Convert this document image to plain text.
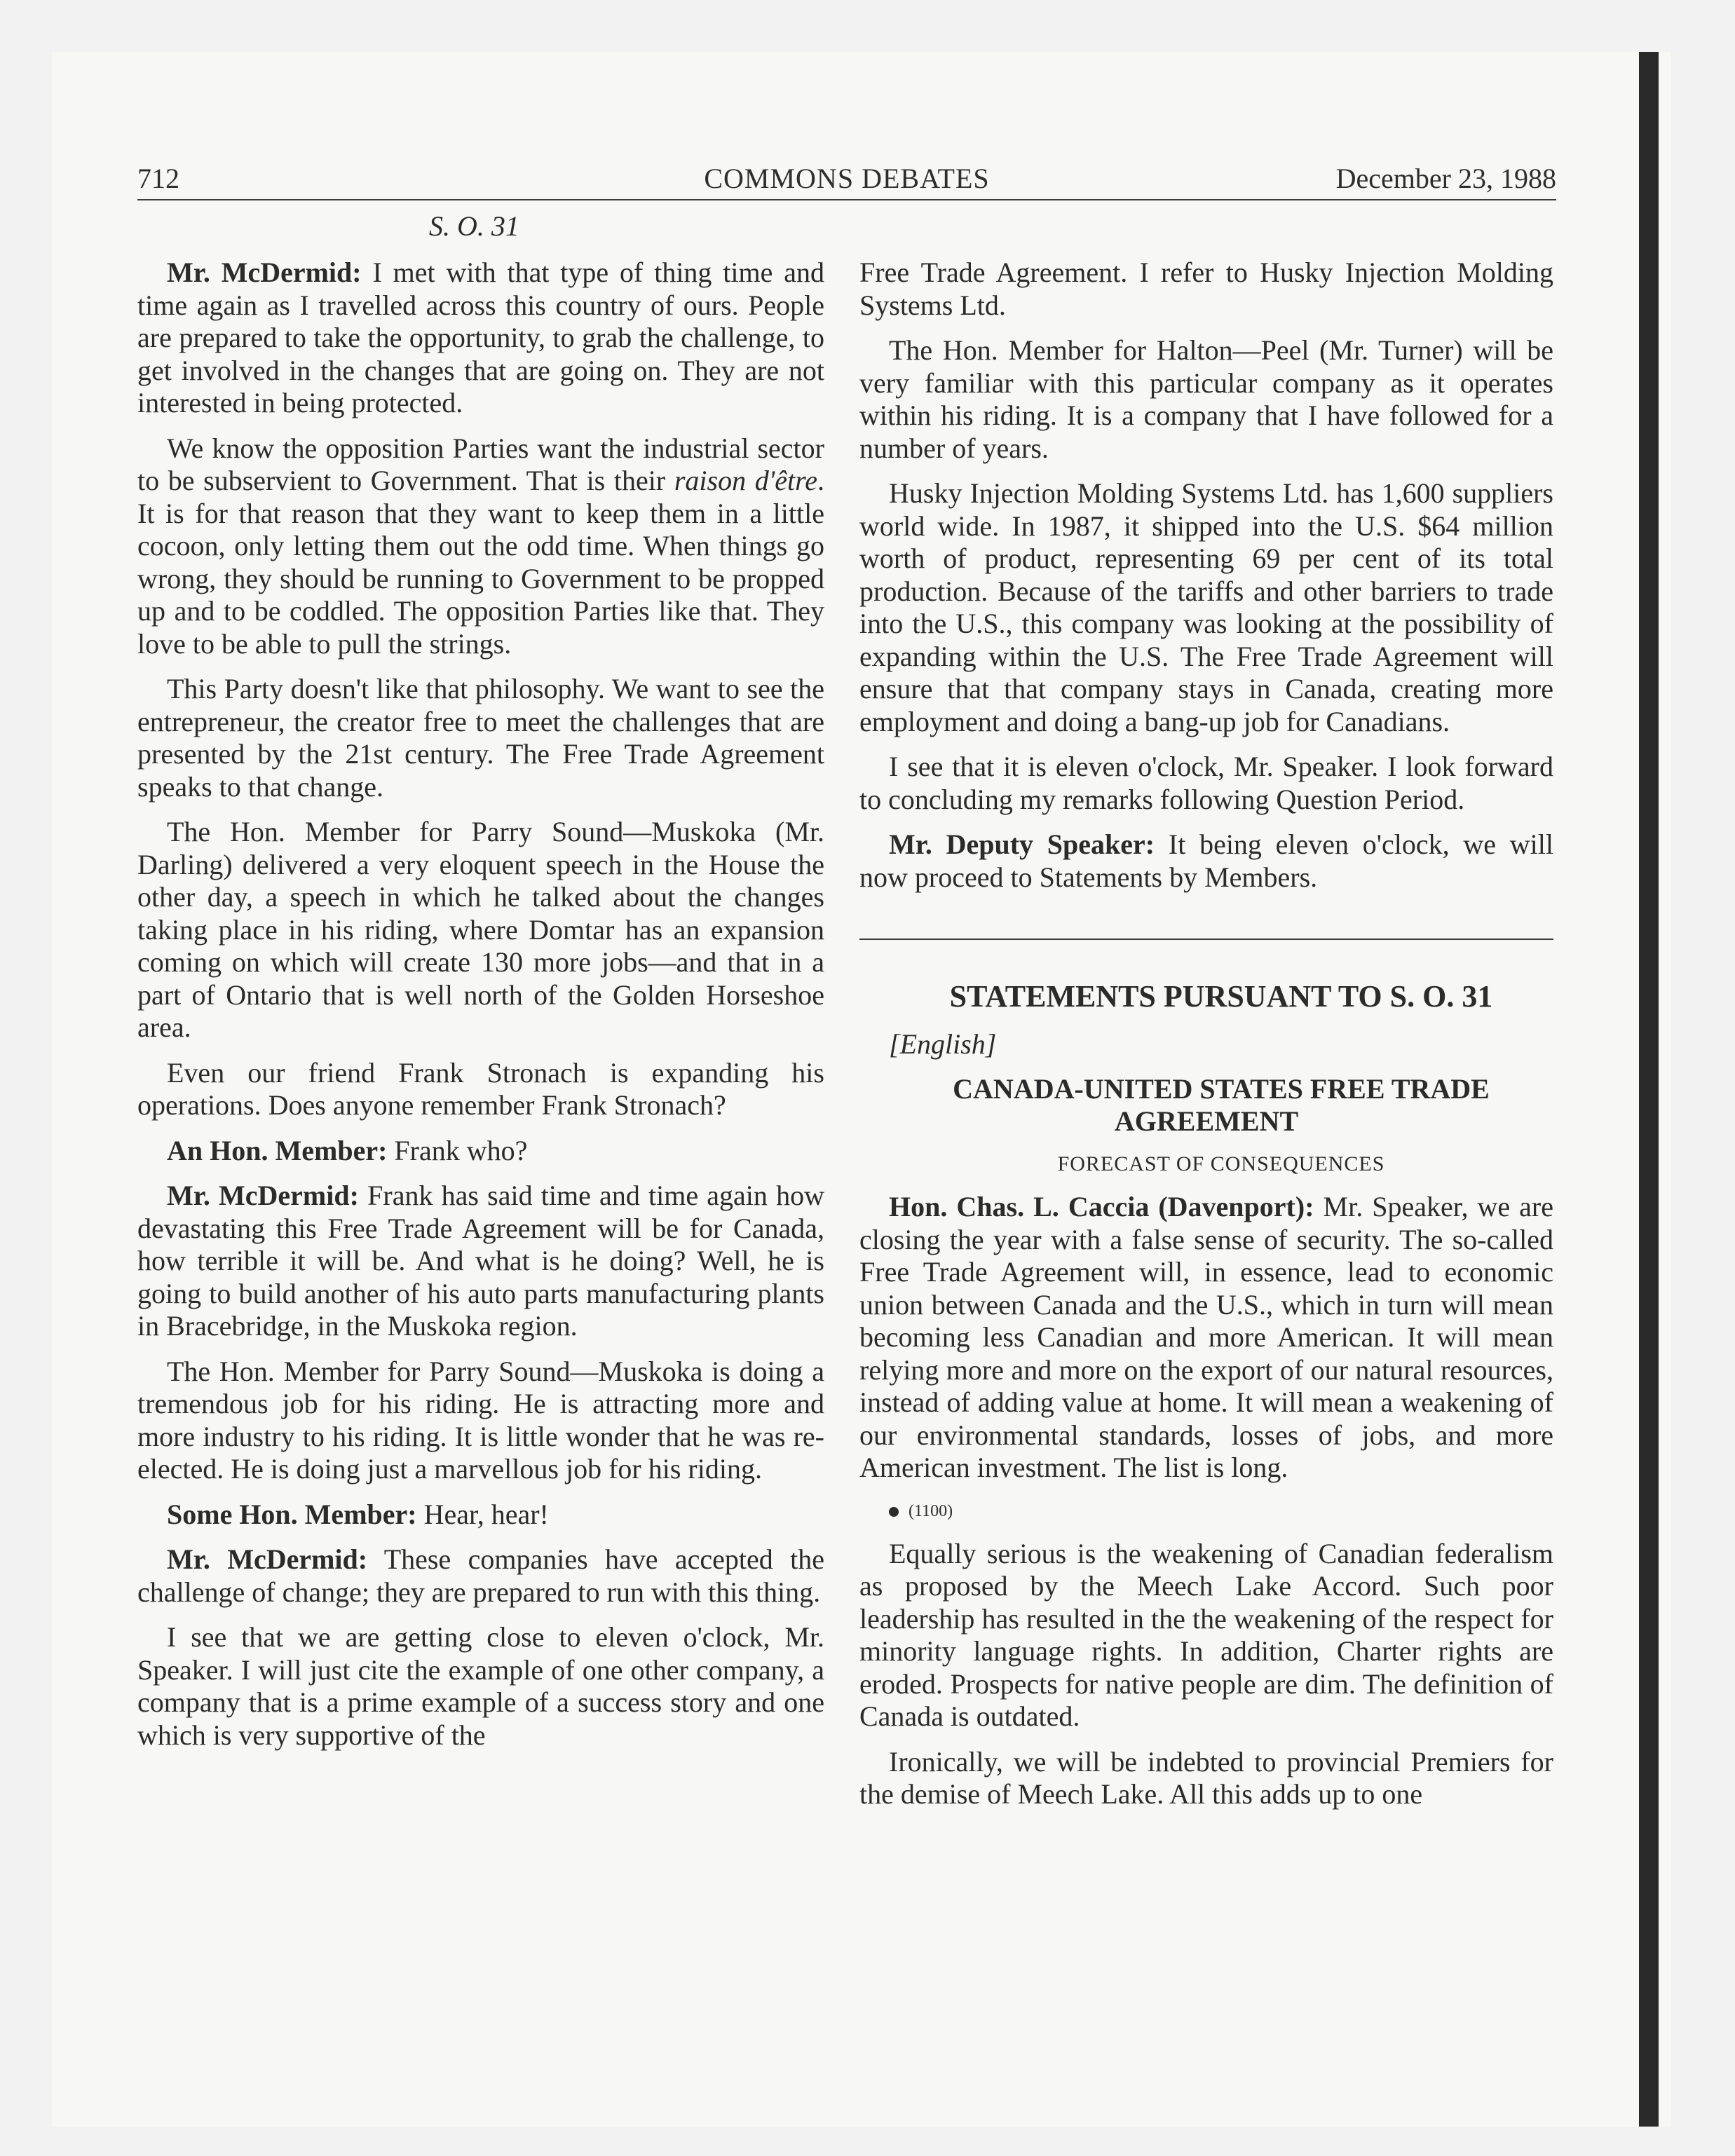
712	COMMONS DEBATES	December 23, 1988
S. O. 31

Mr. McDermid: I met with that type of thing time and time again as I travelled across this country of ours. People are prepared to take the opportunity, to grab the challenge, to get involved in the changes that are going on. They are not interested in being protected.

We know the opposition Parties want the industrial sector to be subservient to Government. That is their raison d'être. It is for that reason that they want to keep them in a little cocoon, only letting them out the odd time. When things go wrong, they should be running to Government to be propped up and to be coddled. The opposition Parties like that. They love to be able to pull the strings.

This Party doesn't like that philosophy. We want to see the entrepreneur, the creator free to meet the challenges that are presented by the 21st century. The Free Trade Agreement speaks to that change.

The Hon. Member for Parry Sound—Muskoka (Mr. Darling) delivered a very eloquent speech in the House the other day, a speech in which he talked about the changes taking place in his riding, where Domtar has an expansion coming on which will create 130 more jobs—and that in a part of Ontario that is well north of the Golden Horseshoe area.

Even our friend Frank Stronach is expanding his operations. Does anyone remember Frank Stronach?

An Hon. Member: Frank who?

Mr. McDermid: Frank has said time and time again how devastating this Free Trade Agreement will be for Canada, how terrible it will be. And what is he doing? Well, he is going to build another of his auto parts manufacturing plants in Bracebridge, in the Muskoka region.

The Hon. Member for Parry Sound—Muskoka is doing a tremendous job for his riding. He is attracting more and more industry to his riding. It is little wonder that he was re-elected. He is doing just a marvellous job for his riding.

Some Hon. Member: Hear, hear!

Mr. McDermid: These companies have accepted the challenge of change; they are prepared to run with this thing.

I see that we are getting close to eleven o'clock, Mr. Speaker. I will just cite the example of one other company, a company that is a prime example of a success story and one which is very supportive of the

Free Trade Agreement. I refer to Husky Injection Molding Systems Ltd.

The Hon. Member for Halton—Peel (Mr. Turner) will be very familiar with this particular company as it operates within his riding. It is a company that I have followed for a number of years.

Husky Injection Molding Systems Ltd. has 1,600 suppliers world wide. In 1987, it shipped into the U.S. $64 million worth of product, representing 69 per cent of its total production. Because of the tariffs and other barriers to trade into the U.S., this company was looking at the possibility of expanding within the U.S. The Free Trade Agreement will ensure that that company stays in Canada, creating more employment and doing a bang-up job for Canadians.

I see that it is eleven o'clock, Mr. Speaker. I look forward to concluding my remarks following Question Period.

Mr. Deputy Speaker: It being eleven o'clock, we will now proceed to Statements by Members.

STATEMENTS PURSUANT TO S. O. 31

[English]

CANADA-UNITED STATES FREE TRADE AGREEMENT

FORECAST OF CONSEQUENCES

Hon. Chas. L. Caccia (Davenport): Mr. Speaker, we are closing the year with a false sense of security. The so-called Free Trade Agreement will, in essence, lead to economic union between Canada and the U.S., which in turn will mean becoming less Canadian and more American. It will mean relying more and more on the export of our natural resources, instead of adding value at home. It will mean a weakening of our environmental standards, losses of jobs, and more American investment. The list is long.

(1100)

Equally serious is the weakening of Canadian federalism as proposed by the Meech Lake Accord. Such poor leadership has resulted in the the weakening of the respect for minority language rights. In addition, Charter rights are eroded. Prospects for native people are dim. The definition of Canada is outdated.

Ironically, we will be indebted to provincial Premiers for the demise of Meech Lake. All this adds up to one
